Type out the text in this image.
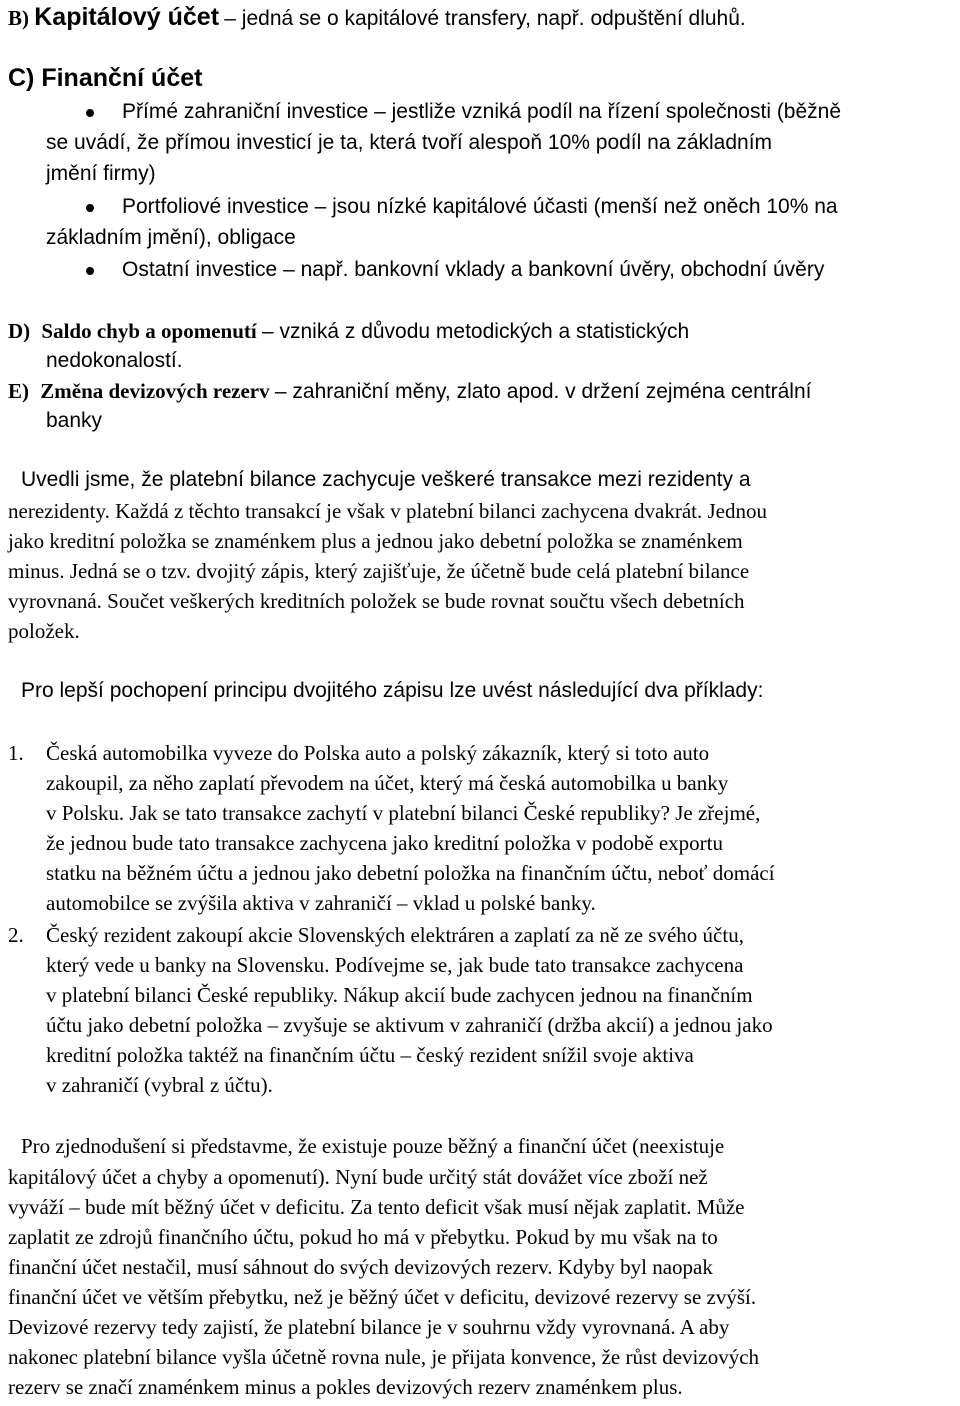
B) Kapitálový účet – jedná se o kapitálové transfery, např. odpuštění dluhů.
C) Finanční účet
Přímé zahraniční investice – jestliže vzniká podíl na řízení společnosti (běžně
se uvádí, že přímou investicí je ta, která tvoří alespoň 10% podíl na základním
jmění firmy)
Portfoliové investice – jsou nízké kapitálové účasti (menší než oněch 10% na
základním jmění), obligace
Ostatní investice – např. bankovní vklady a bankovní úvěry, obchodní úvěry
D) Saldo chyb a opomenutí – vzniká z důvodu metodických a statistických
nedokonalostí.
E) Změna devizových rezerv – zahraniční měny, zlato apod. v držení zejména centrální
banky
Uvedli jsme, že platební bilance zachycuje veškeré transakce mezi rezidenty a
nerezidenty. Každá z těchto transakcí je však v platební bilanci zachycena dvakrát. Jednou
jako kreditní položka se znaménkem plus a jednou jako debetní položka se znaménkem
minus. Jedná se o tzv. dvojitý zápis, který zajišťuje, že účetně bude celá platební bilance
vyrovnaná. Součet veškerých kreditních položek se bude rovnat součtu všech debetních
položek.
Pro lepší pochopení principu dvojitého zápisu lze uvést následující dva příklady:
1. Česká automobilka vyveze do Polska auto a polský zákazník, který si toto auto
zakoupil, za něho zaplatí převodem na účet, který má česká automobilka u banky
v Polsku. Jak se tato transakce zachytí v platební bilanci České republiky? Je zřejmé,
že jednou bude tato transakce zachycena jako kreditní položka v podobě exportu
statku na běžném účtu a jednou jako debetní položka na finančním účtu, neboť domácí
automobilce se zvýšila aktiva v zahraničí – vklad u polské banky.
2. Český rezident zakoupí akcie Slovenských elektráren a zaplatí za ně ze svého účtu,
který vede u banky na Slovensku. Podívejme se, jak bude tato transakce zachycena
v platební bilanci České republiky. Nákup akcií bude zachycen jednou na finančním
účtu jako debetní položka – zvyšuje se aktivum v zahraničí (držba akcií) a jednou jako
kreditní položka taktéž na finančním účtu – český rezident snížil svoje aktiva
v zahraničí (vybral z účtu).
Pro zjednodušení si představme, že existuje pouze běžný a finanční účet (neexistuje
kapitálový účet a chyby a opomenutí). Nyní bude určitý stát dovážet více zboží než
vyváží – bude mít běžný účet v deficitu. Za tento deficit však musí nějak zaplatit. Může
zaplatit ze zdrojů finančního účtu, pokud ho má v přebytku. Pokud by mu však na to
finanční účet nestačil, musí sáhnout do svých devizových rezerv. Kdyby byl naopak
finanční účet ve větším přebytku, než je běžný účet v deficitu, devizové rezervy se zvýší.
Devizové rezervy tedy zajistí, že platební bilance je v souhrnu vždy vyrovnaná. A aby
nakonec platební bilance vyšla účetně rovna nule, je přijata konvence, že růst devizových
rezerv se značí znaménkem minus a pokles devizových rezerv znaménkem plus.
